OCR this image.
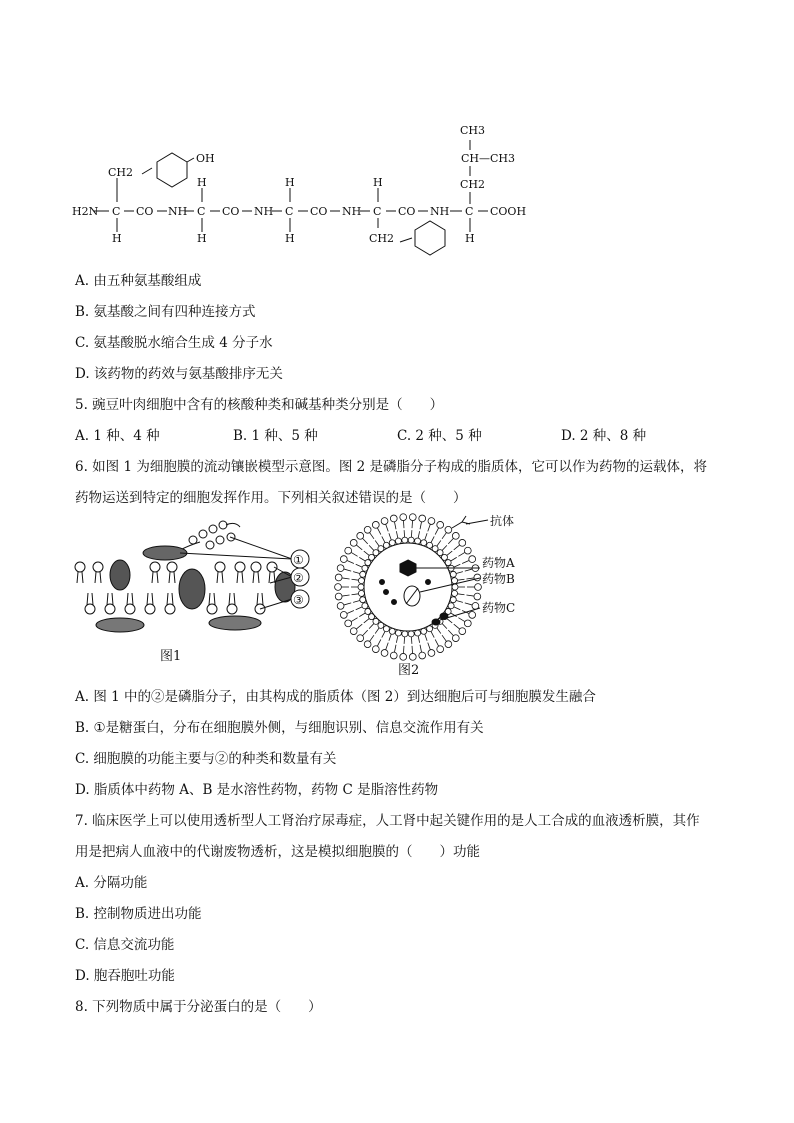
CH3
CH—CH3
CH2
OH
CH2
H	H	H
H2N C CO NH C CO NH C CO NH C CO NH C COOH
H	H	H	CH2	H
A. 由五种氨基酸组成
B. 氨基酸之间有四种连接方式
C. 氨基酸脱水缩合生成 4 分子水
D. 该药物的药效与氨基酸排序无关
5. 豌豆叶肉细胞中含有的核酸种类和碱基种类分别是（　　）
A. 1 种、4 种	B. 1 种、5 种	C. 2 种、5 种	D. 2 种、8 种
6. 如图 1 为细胞膜的流动镶嵌模型示意图。图 2 是磷脂分子构成的脂质体，它可以作为药物的运载体，将
药物运送到特定的细胞发挥作用。下列相关叙述错误的是（　　）
①
②
③
图1
抗体
药物A
药物B
药物C
图2
A. 图 1 中的②是磷脂分子，由其构成的脂质体（图 2）到达细胞后可与细胞膜发生融合
B. ①是糖蛋白，分布在细胞膜外侧，与细胞识别、信息交流作用有关
C. 细胞膜的功能主要与②的种类和数量有关
D. 脂质体中药物 A、B 是水溶性药物，药物 C 是脂溶性药物
7. 临床医学上可以使用透析型人工肾治疗尿毒症，人工肾中起关键作用的是人工合成的血液透析膜，其作
用是把病人血液中的代谢废物透析，这是模拟细胞膜的（　　）功能
A. 分隔功能
B. 控制物质进出功能
C. 信息交流功能
D. 胞吞胞吐功能
8. 下列物质中属于分泌蛋白的是（　　）
